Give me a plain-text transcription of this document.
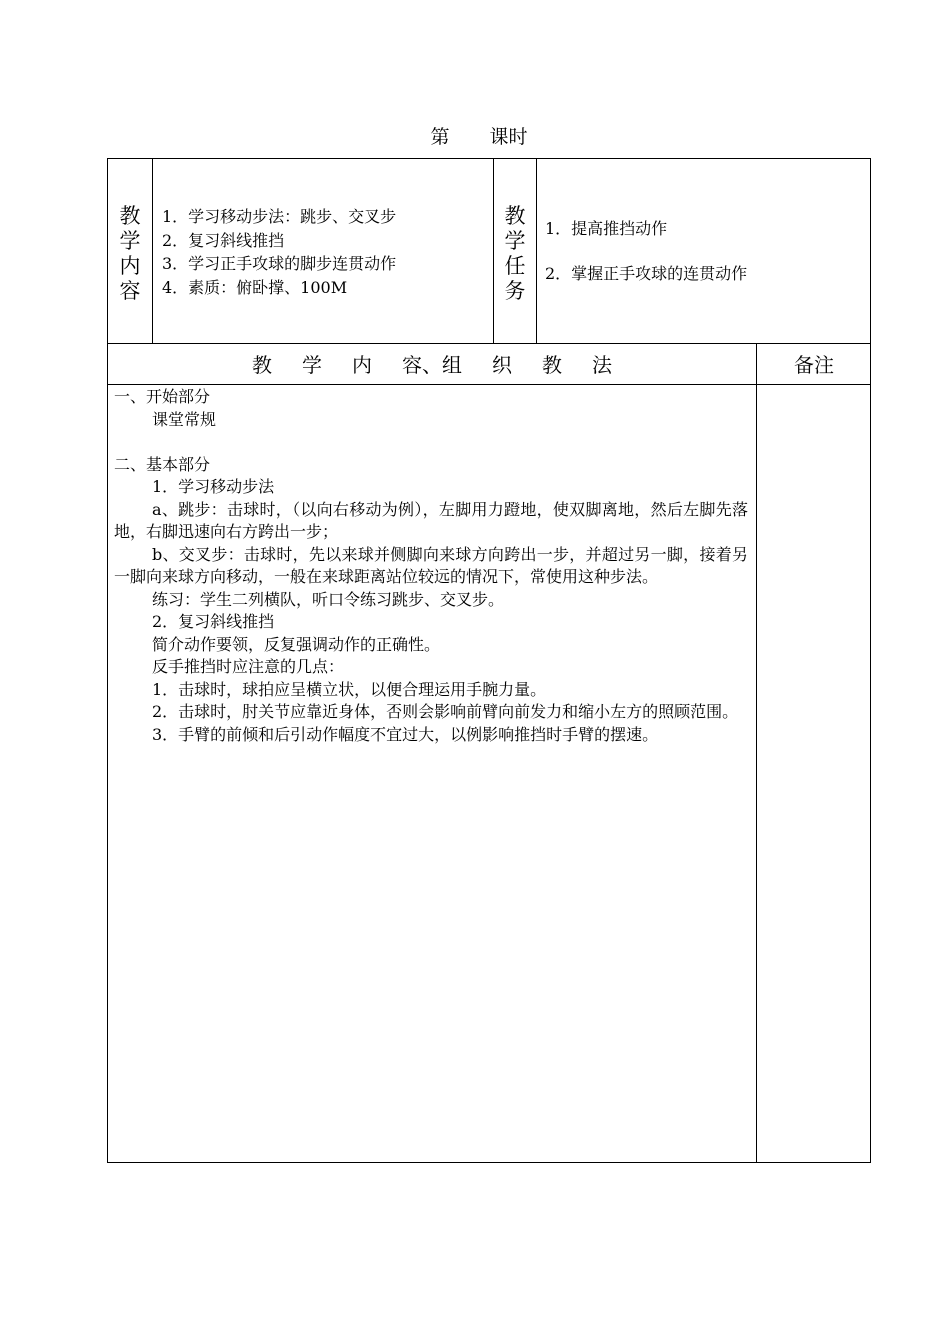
第 课时
教学内容
1．学习移动步法：跳步、交叉步
2．复习斜线推挡
3．学习正手攻球的脚步连贯动作
4．素质：俯卧撑、100M
教学任务
1．提高推挡动作
2．掌握正手攻球的连贯动作
教 学 内 容、组 织 教 法	备注

一、开始部分

课堂常规

二、基本部分

1．学习移动步法

a、跳步：击球时，（以向右移动为例），左脚用力蹬地，使双脚离地，然后左脚先落地，右脚迅速向右方跨出一步；

b、交叉步：击球时，先以来球并侧脚向来球方向跨出一步，并超过另一脚，接着另一脚向来球方向移动，一般在来球距离站位较远的情况下，常使用这种步法。

练习：学生二列横队，听口令练习跳步、交叉步。

2．复习斜线推挡

简介动作要领，反复强调动作的正确性。

反手推挡时应注意的几点：

1．击球时，球拍应呈横立状，以便合理运用手腕力量。

2．击球时，肘关节应靠近身体，否则会影响前臂向前发力和缩小左方的照顾范围。

3．手臂的前倾和后引动作幅度不宜过大，以例影响推挡时手臂的摆速。
